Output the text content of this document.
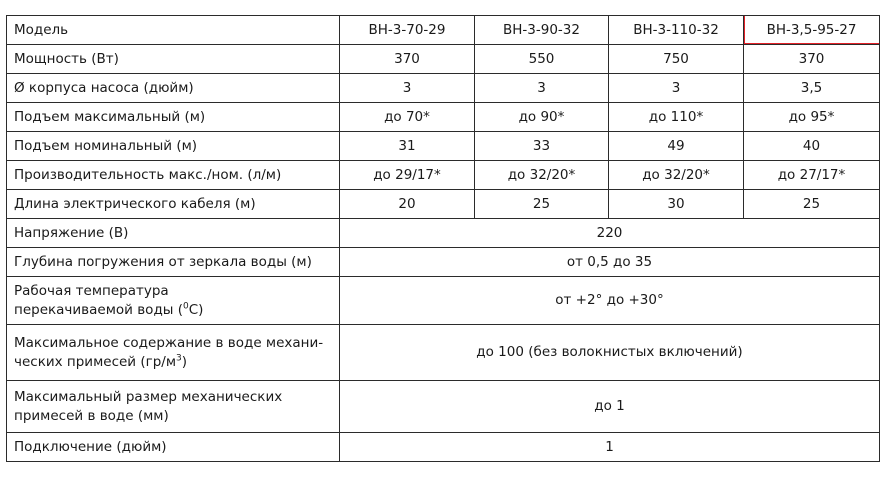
Модель	ВН-3-70-29	ВН-3-90-32	ВН-3-110-32	ВН-3,5-95-27
Мощность (Вт)	370	550	750	370
Ø корпуса насоса (дюйм)	3	3	3	3,5
Подъем максимальный (м)	до 70*	до 90*	до 110*	до 95*
Подъем номинальный (м)	31	33	49	40
Производительность макс./ном. (л/м)	до 29/17*	до 32/20*	до 32/20*	до 27/17*
Длина электрического кабеля (м)	20	25	30	25
Напряжение (В)	220			
Глубина погружения от зеркала воды (м)	от 0,5 до 35			
Рабочая температура
перекачиваемой воды ($^0$С)	от +2° до +30°			
Максимальное содержание в воде механи-
ческих примесей $(гр/м^3)$	до 100 (без волокнистых включений)			
Максимальный размер механических
примесей в воде (мм)	до 1			
Подключение (дюйм)	1			
